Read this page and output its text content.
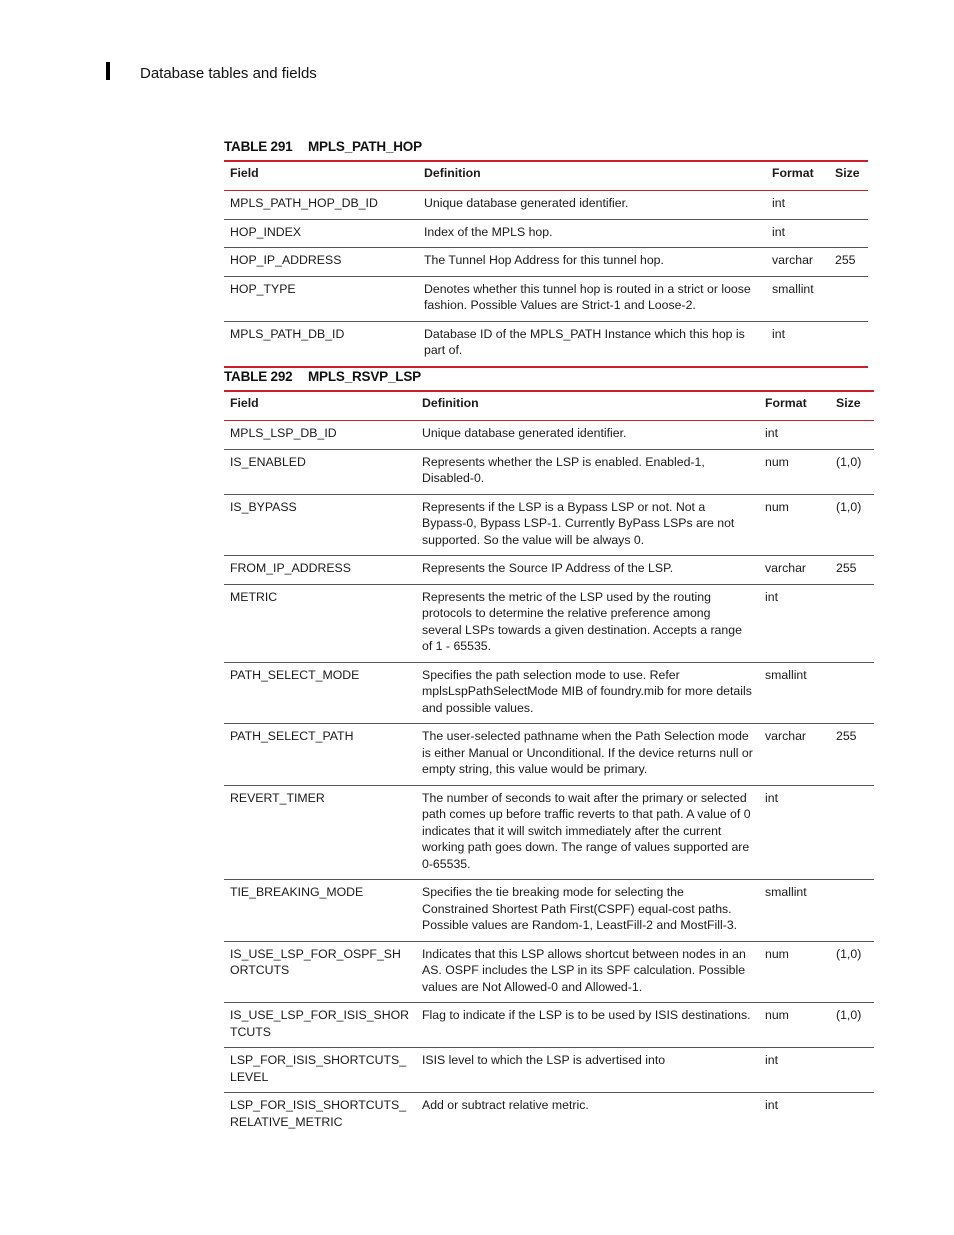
Database tables and fields
TABLE 291 MPLS_PATH_HOP
Field	Definition	Format	Size
MPLS_PATH_HOP_DB_ID	Unique database generated identifier.	int	
HOP_INDEX	Index of the MPLS hop.	int	
HOP_IP_ADDRESS	The Tunnel Hop Address for this tunnel hop.	varchar	255
HOP_TYPE	Denotes whether this tunnel hop is routed in a strict or loose fashion. Possible Values are Strict-1 and Loose-2.	smallint	
MPLS_PATH_DB_ID	Database ID of the MPLS_PATH Instance which this hop is part of.	int	
TABLE 292 MPLS_RSVP_LSP
Field	Definition	Format	Size
MPLS_LSP_DB_ID	Unique database generated identifier.	int	
IS_ENABLED	Represents whether the LSP is enabled. Enabled-1, Disabled-0.	num	(1,0)
IS_BYPASS	Represents if the LSP is a Bypass LSP or not. Not a Bypass-0, Bypass LSP-1. Currently ByPass LSPs are not supported. So the value will be always 0.	num	(1,0)
FROM_IP_ADDRESS	Represents the Source IP Address of the LSP.	varchar	255
METRIC	Represents the metric of the LSP used by the routing protocols to determine the relative preference among several LSPs towards a given destination. Accepts a range of 1 - 65535.	int	
PATH_SELECT_MODE	Specifies the path selection mode to use. Refer mplsLspPathSelectMode MIB of foundry.mib for more details and possible values.	smallint	
PATH_SELECT_PATH	The user-selected pathname when the Path Selection mode is either Manual or Unconditional. If the device returns null or empty string, this value would be primary.	varchar	255
REVERT_TIMER	The number of seconds to wait after the primary or selected path comes up before traffic reverts to that path. A value of 0 indicates that it will switch immediately after the current working path goes down. The range of values supported are 0-65535.	int	
TIE_BREAKING_MODE	Specifies the tie breaking mode for selecting the Constrained Shortest Path First(CSPF) equal-cost paths. Possible values are Random-1, LeastFill-2 and MostFill-3.	smallint	
IS_USE_LSP_FOR_OSPF_SHORTCUTS	Indicates that this LSP allows shortcut between nodes in an AS. OSPF includes the LSP in its SPF calculation. Possible values are Not Allowed-0 and Allowed-1.	num	(1,0)
IS_USE_LSP_FOR_ISIS_SHORTCUTS	Flag to indicate if the LSP is to be used by ISIS destinations.	num	(1,0)
LSP_FOR_ISIS_SHORTCUTS_LEVEL	ISIS level to which the LSP is advertised into	int	
LSP_FOR_ISIS_SHORTCUTS_RELATIVE_METRIC	Add or subtract relative metric.	int	
